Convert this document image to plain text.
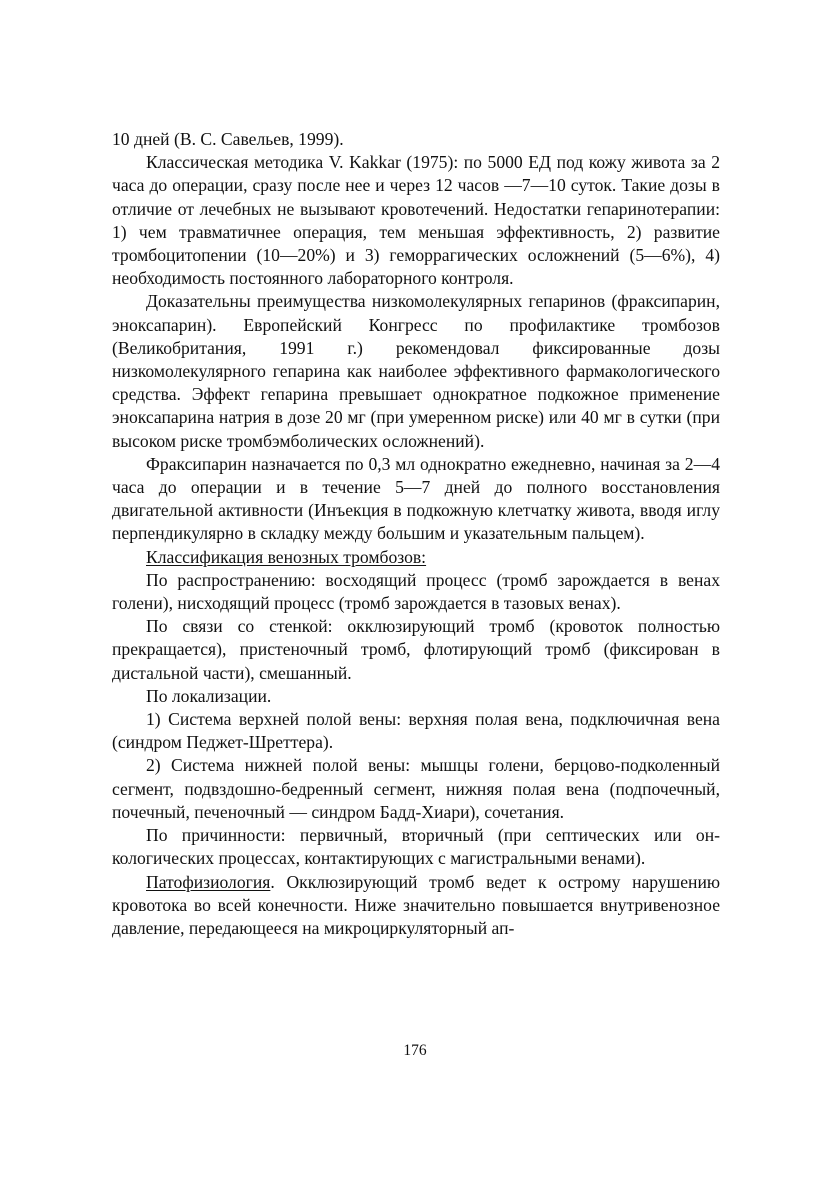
10 дней (В. С. Савельев, 1999).

Классическая методика V. Kakkar (1975): по 5000 ЕД под кожу живота за 2 часа до операции, сразу после нее и через 12 часов —7—10 суток. Такие дозы в отличие от лечебных не вызывают кровотечений. Недостатки гепаринотерапии: 1) чем травматичнее операция, тем меньшая эффективность, 2) развитие тромбоцитопении (10—20%) и 3) геморрагических осложнений (5—6%), 4) необходимость постоянного лабораторного контроля.

Доказательны преимущества низкомолекулярных гепаринов (фраксипарин, эноксапарин). Европейский Конгресс по профилактике тромбозов (Великобритания, 1991 г.) рекомендовал фиксированные дозы низкомолекулярного гепарина как наиболее эффективного фармакологического средства. Эффект гепарина превышает однократное подкожное применение эноксапарина натрия в дозе 20 мг (при умеренном риске) или 40 мг в сутки (при высоком риске тромбэмболических осложнений).

Фраксипарин назначается по 0,3 мл однократно ежедневно, начиная за 2—4 часа до операции и в течение 5—7 дней до полного восстановления двигательной активности (Инъекция в подкожную клетчатку живота, вводя иглу перпендикулярно в складку между большим и указательным пальцем).

Классификация венозных тромбозов:

По распространению: восходящий процесс (тромб зарождается в венах голени), нисходящий процесс (тромб зарождается в тазовых венах).

По связи со стенкой: окклюзирующий тромб (кровоток полностью прекращается), пристеночный тромб, флотирующий тромб (фиксирован в дистальной части), смешанный.

По локализации.

1) Система верхней полой вены: верхняя полая вена, подключичная вена (синдром Педжет-Шреттера).

2) Система нижней полой вены: мышцы голени, берцово-подколенный сегмент, подвздошно-бедренный сегмент, нижняя полая вена (подпочечный, почечный, печеночный — синдром Бадд-Хиари), сочетания.

По причинности: первичный, вторичный (при септических или онкологических процессах, контактирующих с магистральными венами).

Патофизиология. Окклюзирующий тромб ведет к острому нарушению кровотока во всей конечности. Ниже значительно повышается внутривенозное давление, передающееся на микроциркуляторный ап-

176
